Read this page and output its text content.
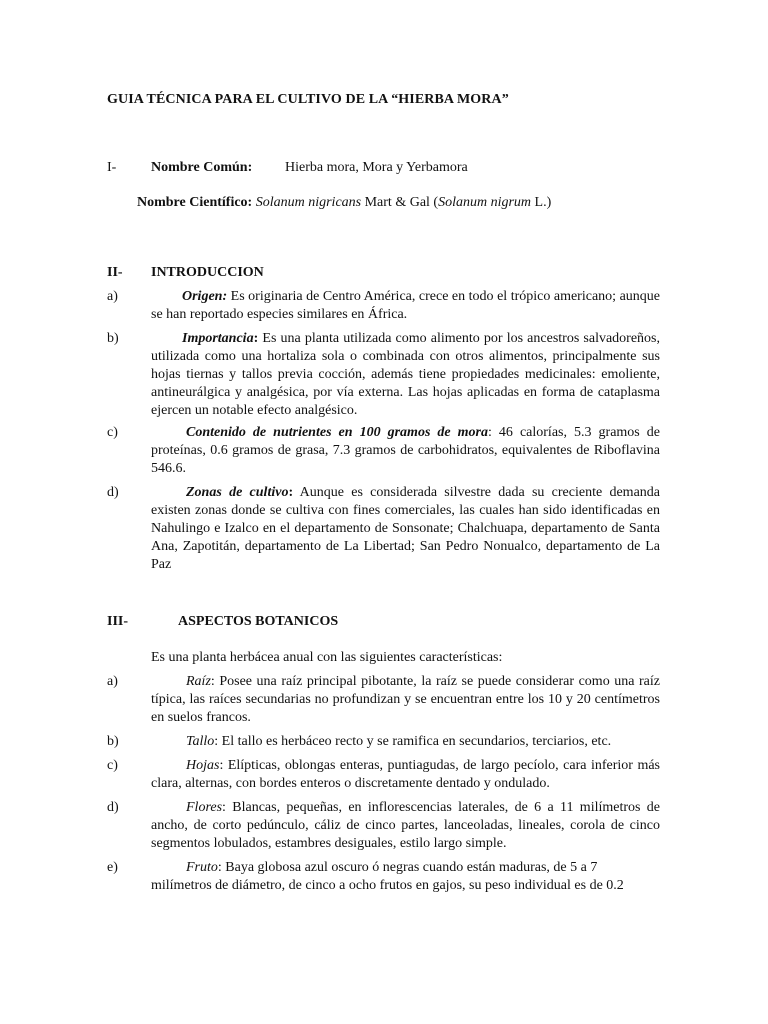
GUIA TÉCNICA PARA EL CULTIVO DE LA “HIERBA MORA”
I- Nombre Común: Hierba mora, Mora y Yerbamora
Nombre Científico: Solanum nigricans Mart & Gal (Solanum nigrum L.)
II- INTRODUCCION
a)	Origen: Es originaria de Centro América, crece en todo el trópico americano; aunque se han reportado especies similares en África.
b)	Importancia: Es una planta utilizada como alimento por los ancestros salvadoreños, utilizada como una hortaliza sola o combinada con otros alimentos, principalmente sus hojas tiernas y tallos previa cocción, además tiene propiedades medicinales: emoliente, antineurálgica y analgésica, por vía externa. Las hojas aplicadas en forma de cataplasma ejercen un notable efecto analgésico.
c)	Contenido de nutrientes en 100 gramos de mora: 46 calorías, 5.3 gramos de proteínas, 0.6 gramos de grasa, 7.3 gramos de carbohidratos, equivalentes de Riboflavina 546.6.
d)	Zonas de cultivo: Aunque es considerada silvestre dada su creciente demanda existen zonas donde se cultiva con fines comerciales, las cuales han sido identificadas en Nahulingo e Izalco en el departamento de Sonsonate; Chalchuapa, departamento de Santa Ana, Zapotitán, departamento de La Libertad; San Pedro Nonualco, departamento de La Paz
III-	ASPECTOS BOTANICOS
Es una planta herbácea anual con las siguientes características:
a)	Raíz: Posee una raíz principal pibotante, la raíz se puede considerar como una raíz típica, las raíces secundarias no profundizan y se encuentran entre los 10 y 20 centímetros en suelos francos.
b)	Tallo: El tallo es herbáceo recto y se ramifica en secundarios, terciarios, etc.
c)	Hojas: Elípticas, oblongas enteras, puntiagudas, de largo pecíolo, cara inferior más clara, alternas, con bordes enteros o discretamente dentado y ondulado.
d)	Flores: Blancas, pequeñas, en inflorescencias laterales, de 6 a 11 milímetros de ancho, de corto pedúnculo, cáliz de cinco partes, lanceoladas, lineales, corola de cinco segmentos lobulados, estambres desiguales, estilo largo simple.
e)	Fruto: Baya globosa azul oscuro ó negras cuando están maduras, de 5 a 7 milímetros de diámetro, de cinco a ocho frutos en gajos, su peso individual es de 0.2
